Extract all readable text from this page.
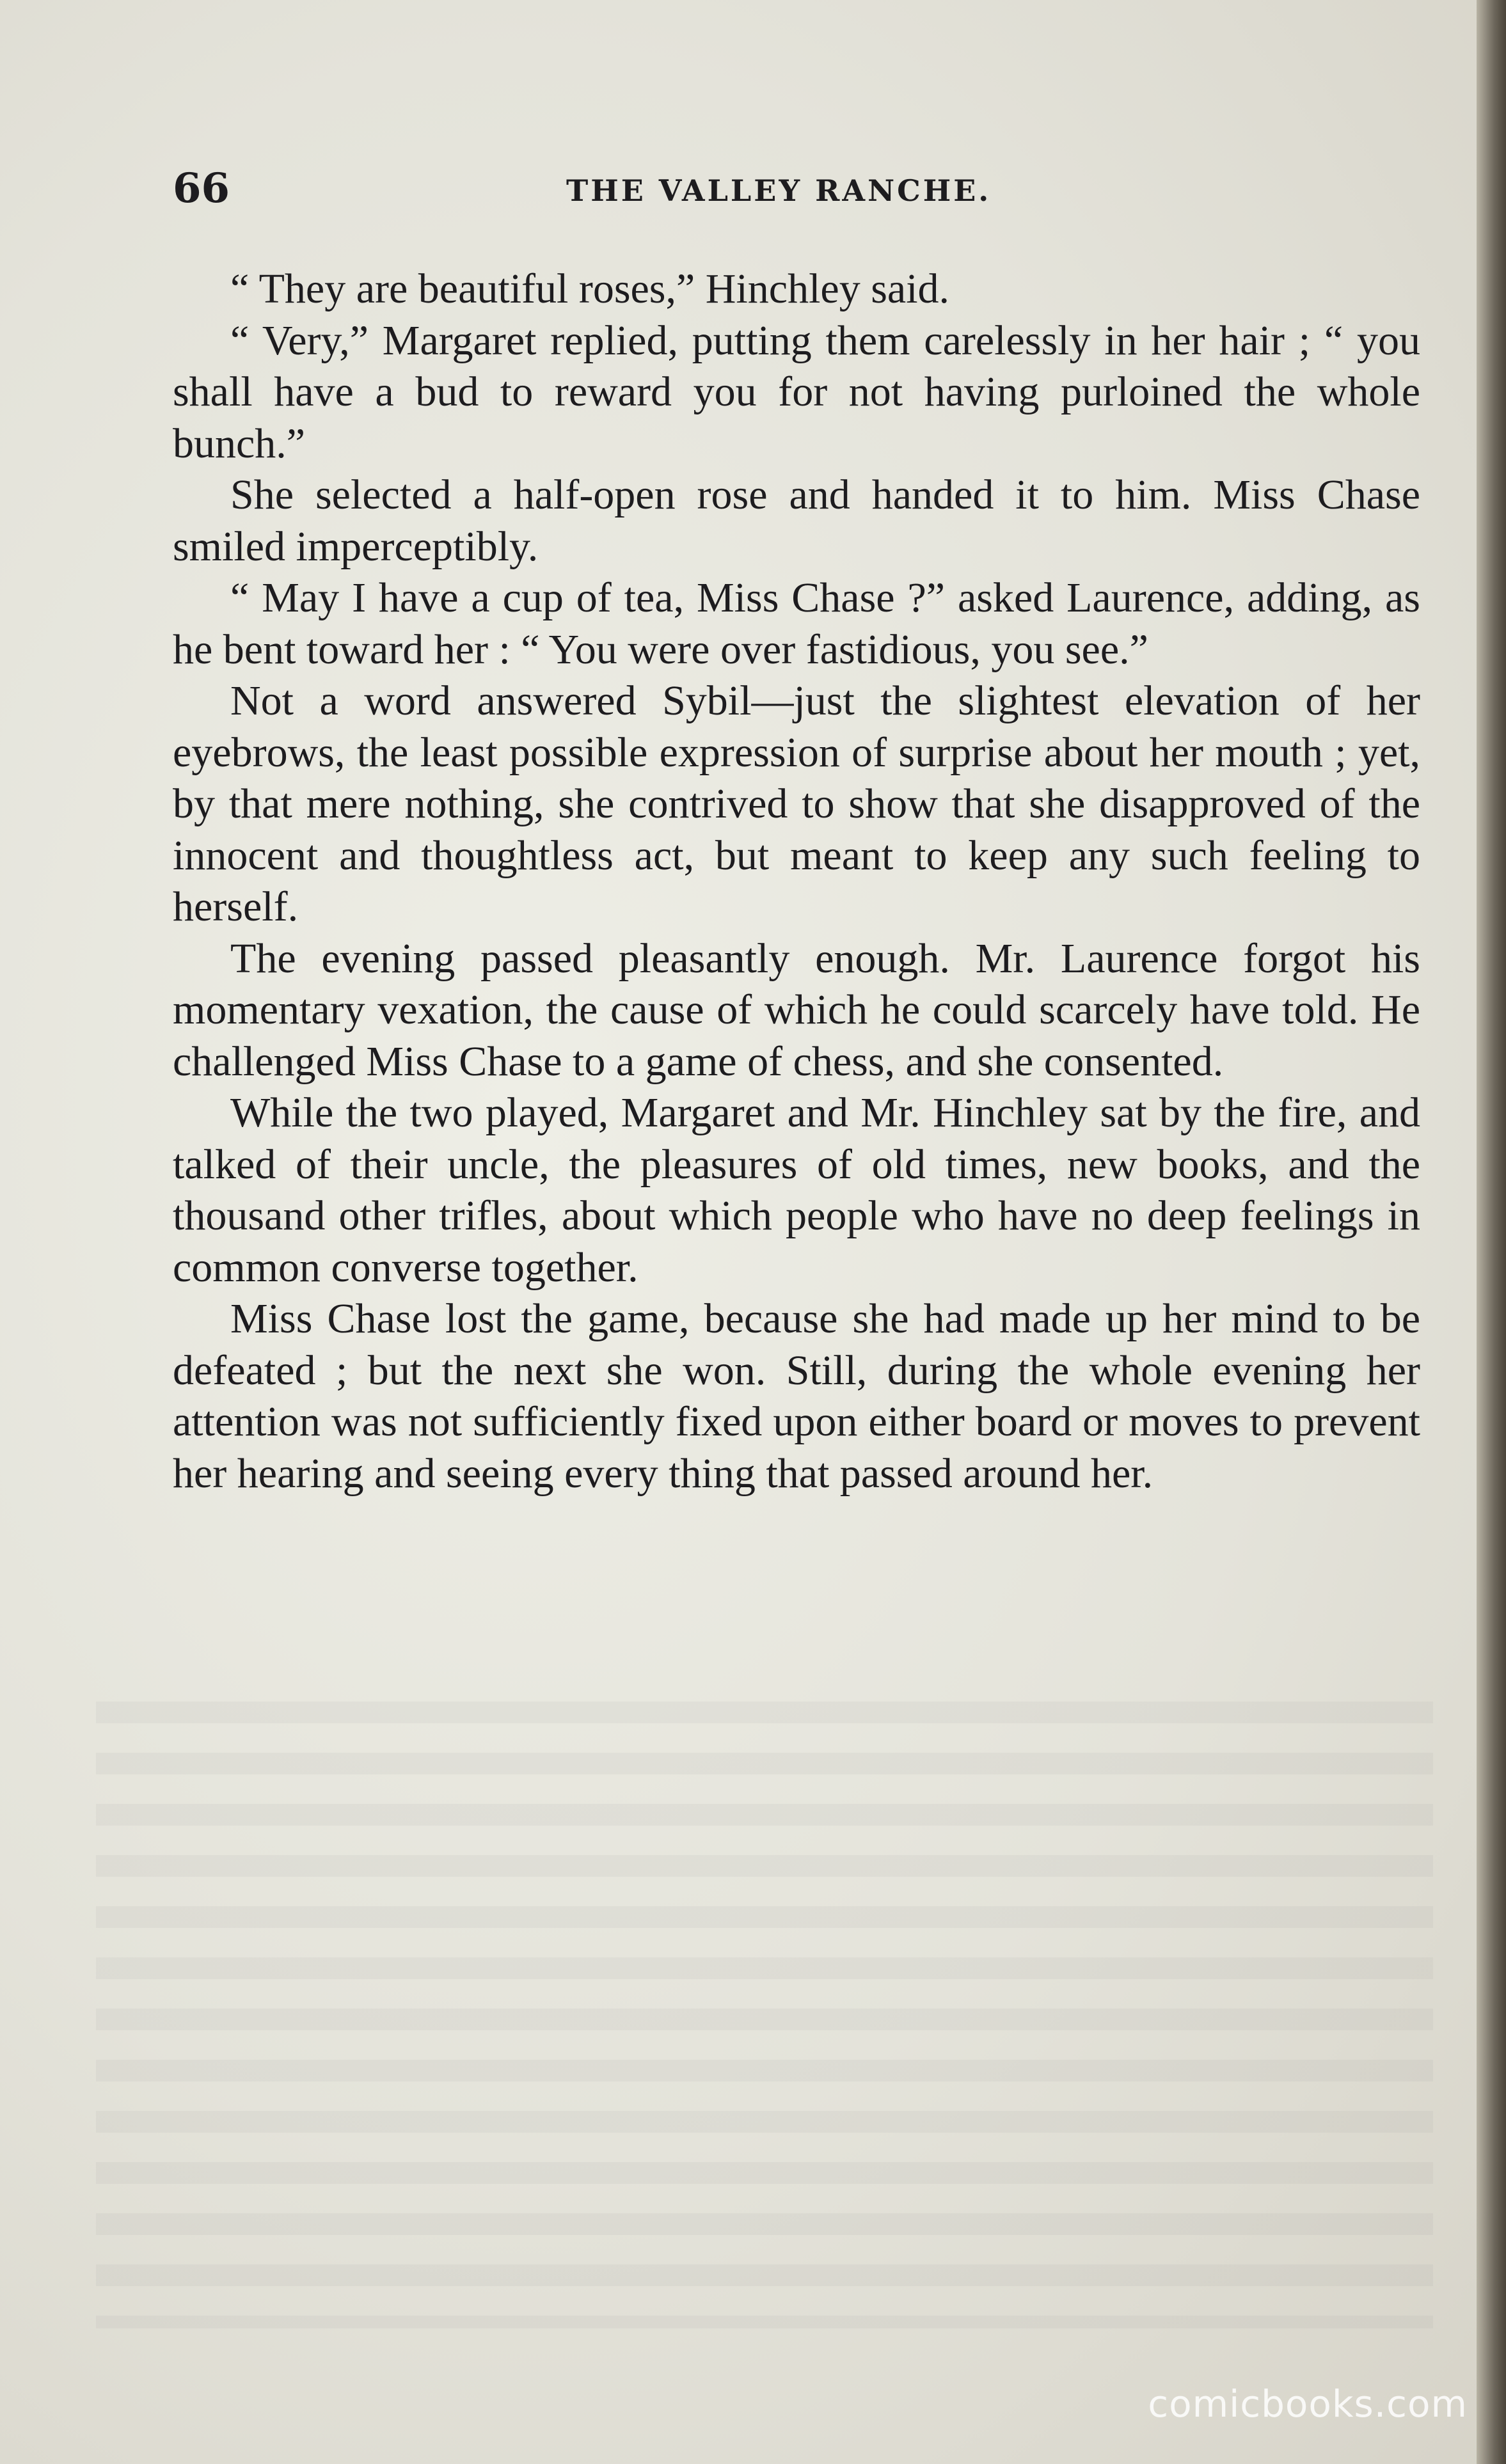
66	THE VALLEY RANCHE.

“ They are beautiful roses,” Hinchley said.

“ Very,” Margaret replied, putting them carelessly in her hair ; “ you shall have a bud to reward you for not having purloined the whole bunch.”

She selected a half-open rose and handed it to him. Miss Chase smiled imperceptibly.

“ May I have a cup of tea, Miss Chase ?” asked Laurence, adding, as he bent toward her : “ You were over fastidious, you see.”

Not a word answered Sybil—just the slightest elevation of her eyebrows, the least possible expression of surprise about her mouth ; yet, by that mere nothing, she contrived to show that she disapproved of the innocent and thoughtless act, but meant to keep any such feeling to herself.

The evening passed pleasantly enough. Mr. Laurence forgot his momentary vexation, the cause of which he could scarcely have told. He challenged Miss Chase to a game of chess, and she consented.

While the two played, Margaret and Mr. Hinchley sat by the fire, and talked of their uncle, the pleasures of old times, new books, and the thousand other trifles, about which people who have no deep feelings in common converse together.

Miss Chase lost the game, because she had made up her mind to be defeated ; but the next she won. Still, during the whole evening her attention was not sufficiently fixed upon either board or moves to prevent her hearing and seeing every thing that passed around her.

comicbooks.com
